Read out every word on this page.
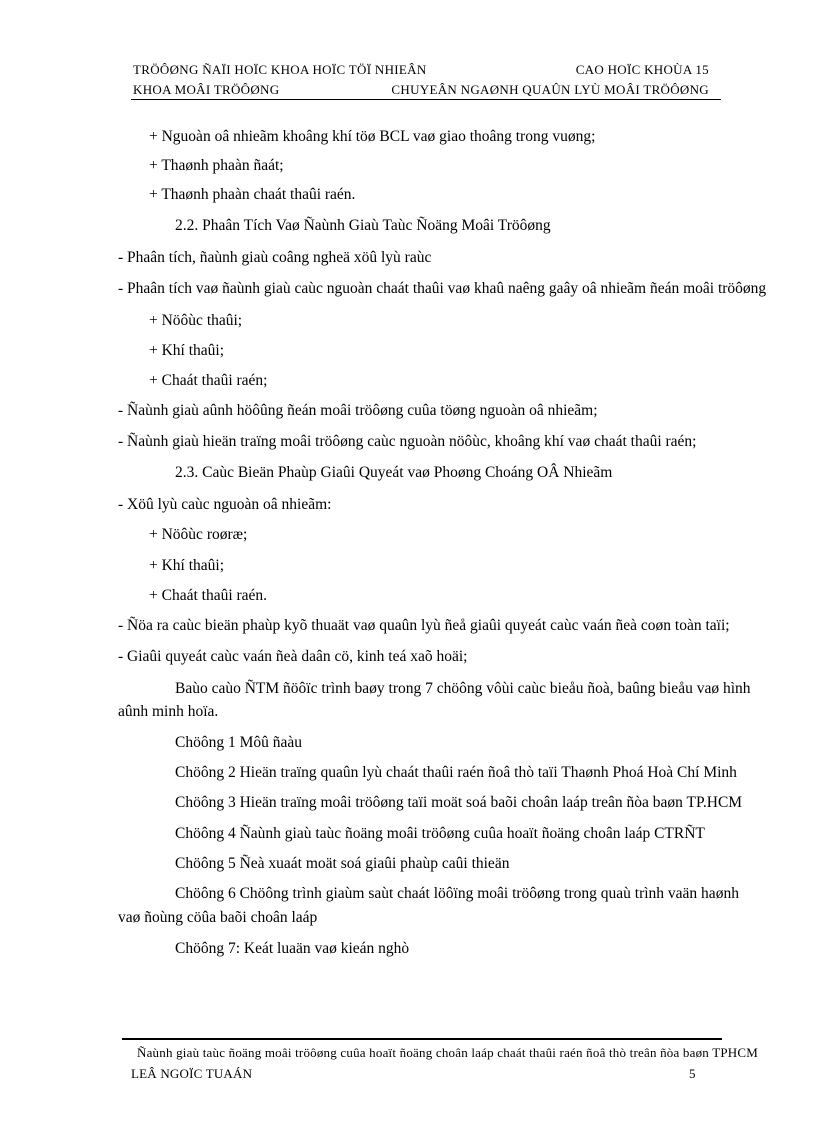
TRÖÔØNG ÑAÏI HOÏC KHOA HOÏC TÖÏ NHIEÂN	CAO HOÏC KHOÙA 15
KHOA MOÂI TRÖÔØNG	CHUYEÂN NGAØNH QUAÛN LYÙ MOÂI TRÖÔØNG
+ Nguoàn oâ nhieãm khoâng khí töø BCL vaø giao thoâng trong vuøng;
+ Thaønh phaàn ñaát;
+ Thaønh phaàn chaát thaûi raén.
2.2. Phaân Tích Vaø Ñaùnh Giaù Taùc Ñoäng Moâi Tröôøng
- Phaân tích, ñaùnh giaù coâng ngheä xöû lyù raùc
- Phaân tích vaø ñaùnh giaù caùc nguoàn chaát thaûi vaø khaû naêng gaây oâ nhieãm ñeán moâi tröôøng
+ Nöôùc thaûi;
+ Khí thaûi;
+ Chaát thaûi raén;
- Ñaùnh giaù aûnh höôûng ñeán moâi tröôøng cuûa töøng nguoàn oâ nhieãm;
- Ñaùnh giaù hieän traïng moâi tröôøng caùc nguoàn nöôùc, khoâng khí vaø chaát thaûi raén;
2.3. Caùc Bieän Phaùp Giaûi Quyeát vaø Phoøng Choáng OÂ Nhieãm
- Xöû lyù caùc nguoàn oâ nhieãm:
+ Nöôùc roøræ;
+ Khí thaûi;
+ Chaát thaûi raén.
- Ñöa ra caùc bieän phaùp kyõ thuaät vaø quaûn lyù ñeå giaûi quyeát caùc vaán ñeà coøn toàn taïi;
- Giaûi quyeát caùc vaán ñeà daân cö, kinh teá xaõ hoäi;
Baùo caùo ÑTM ñöôïc trình baøy trong 7 chöông vôùi caùc bieåu ñoà, baûng bieåu vaø hình
aûnh minh hoïa.
Chöông 1 Môû ñaàu
Chöông 2 Hieän traïng quaûn lyù chaát thaûi raén ñoâ thò taïi Thaønh Phoá Hoà Chí Minh
Chöông 3 Hieän traïng moâi tröôøng taïi moät soá baõi choân laáp treân ñòa baøn TP.HCM
Chöông 4 Ñaùnh giaù taùc ñoäng moâi tröôøng cuûa hoaït ñoäng choân laáp CTRÑT
Chöông 5 Ñeà xuaát moät soá giaûi phaùp caûi thieän
Chöông 6 Chöông trình giaùm saùt chaát löôïng moâi tröôøng trong quaù trình vaän haønh
vaø ñoùng cöûa baõi choân laáp
Chöông 7: Keát luaän vaø kieán nghò
Ñaùnh giaù taùc ñoäng moâi tröôøng cuûa hoaït ñoäng choân laáp chaát thaûi raén ñoâ thò treân ñòa baøn TPHCM
LEÂ NGOÏC TUAÁN	5
